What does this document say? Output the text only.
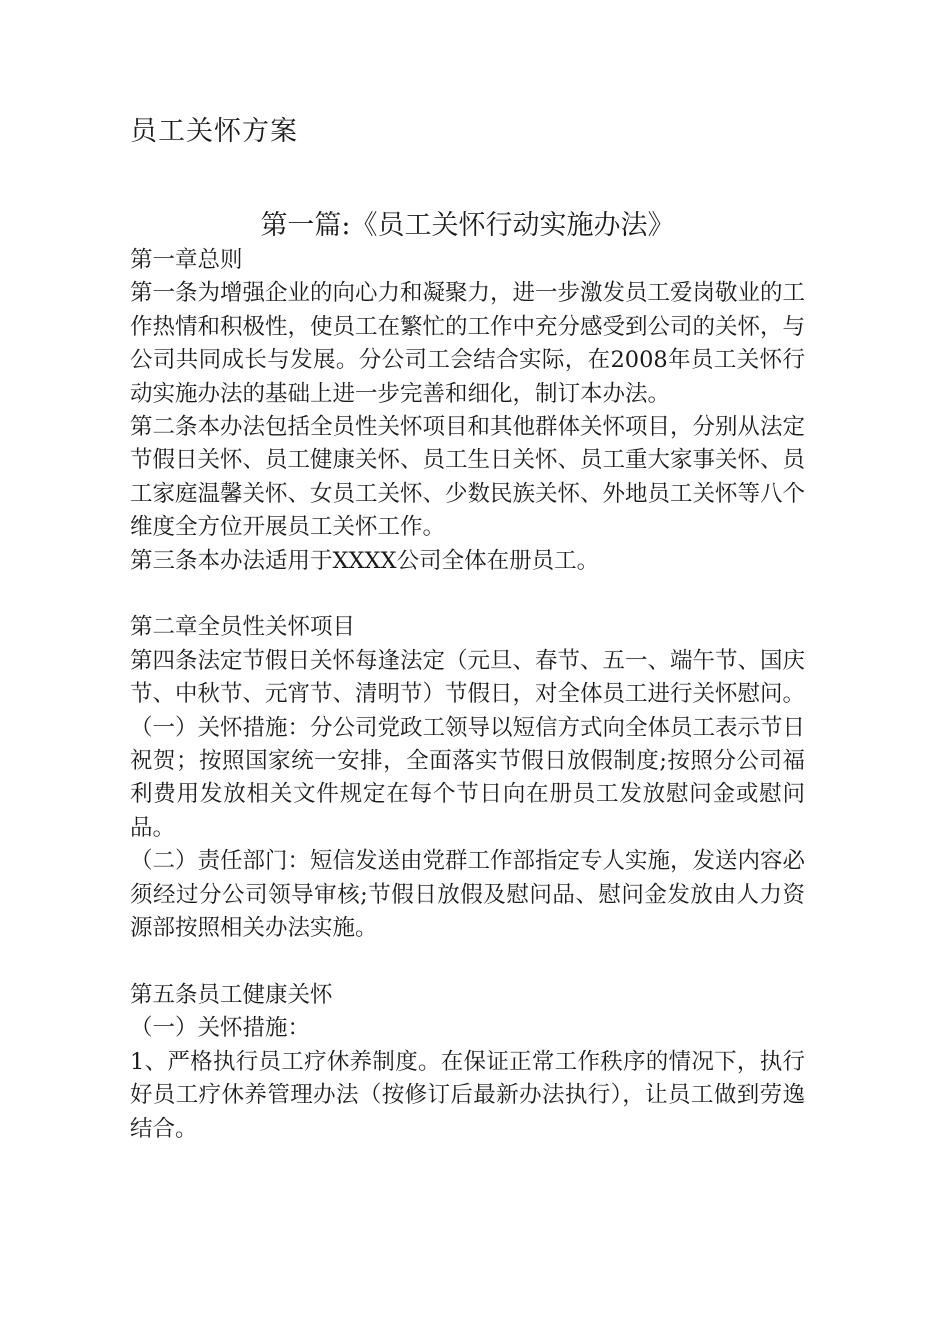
员工关怀方案
第一篇:《员工关怀行动实施办法》

第一章总则

第一条为增强企业的向心力和凝聚力，进一步激发员工爱岗敬业的工作热情和积极性，使员工在繁忙的工作中充分感受到公司的关怀，与公司共同成长与发展。分公司工会结合实际，在2008年员工关怀行动实施办法的基础上进一步完善和细化，制订本办法。

第二条本办法包括全员性关怀项目和其他群体关怀项目，分别从法定节假日关怀、员工健康关怀、员工生日关怀、员工重大家事关怀、员工家庭温馨关怀、女员工关怀、少数民族关怀、外地员工关怀等八个维度全方位开展员工关怀工作。

第三条本办法适用于XXXX公司全体在册员工。

第二章全员性关怀项目

第四条法定节假日关怀每逢法定（元旦、春节、五一、端午节、国庆节、中秋节、元宵节、清明节）节假日，对全体员工进行关怀慰问。

（一）关怀措施：分公司党政工领导以短信方式向全体员工表示节日祝贺；按照国家统一安排，全面落实节假日放假制度;按照分公司福利费用发放相关文件规定在每个节日向在册员工发放慰问金或慰问品。

（二）责任部门：短信发送由党群工作部指定专人实施，发送内容必须经过分公司领导审核;节假日放假及慰问品、慰问金发放由人力资源部按照相关办法实施。

第五条员工健康关怀

（一）关怀措施：

1、严格执行员工疗休养制度。在保证正常工作秩序的情况下，执行好员工疗休养管理办法（按修订后最新办法执行），让员工做到劳逸结合。
